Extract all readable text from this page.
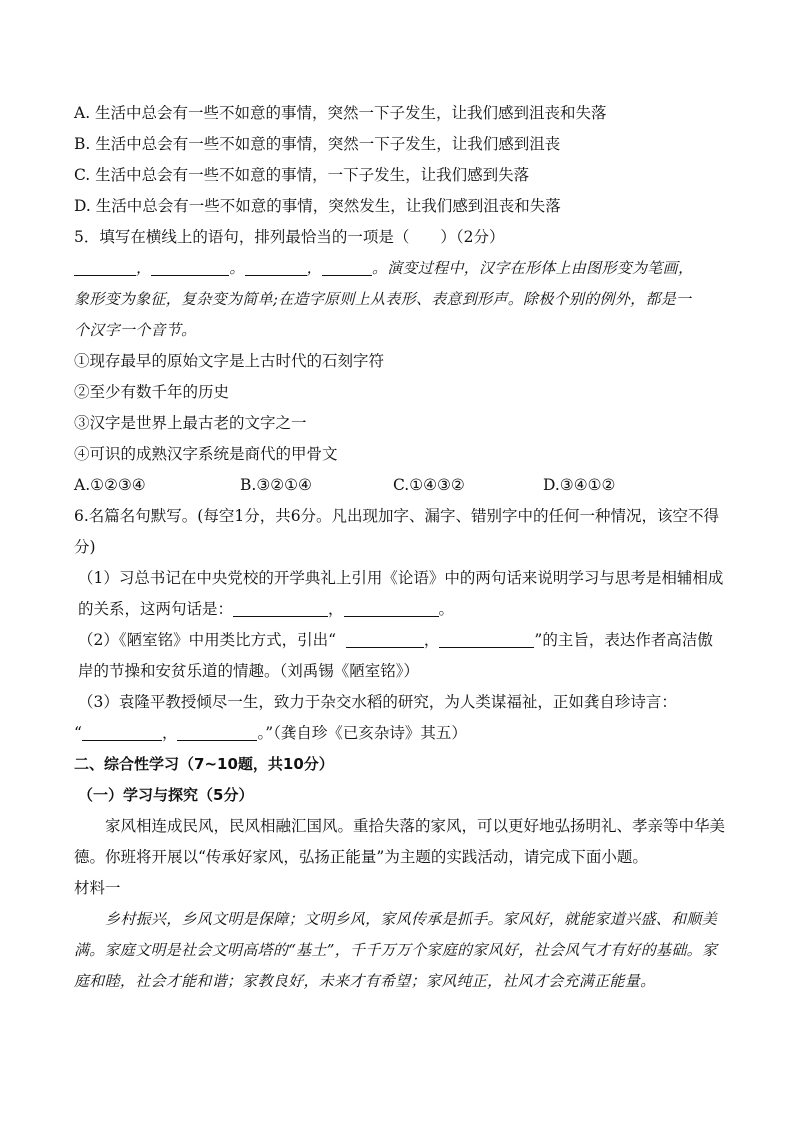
A. 生活中总会有一些不如意的事情，突然一下子发生，让我们感到沮丧和失落
B. 生活中总会有一些不如意的事情，突然一下子发生，让我们感到沮丧
C. 生活中总会有一些不如意的事情，一下子发生，让我们感到失落
D. 生活中总会有一些不如意的事情，突然发生，让我们感到沮丧和失落
5．填写在横线上的语句，排列最恰当的一项是（　　）（2分）
，	。	，	。演变过程中，汉字在形体上由图形变为笔画，
象形变为象征，复杂变为简单;在造字原则上从表形、表意到形声。除极个别的例外，都是一
个汉字一个音节。
①现存最早的原始文字是上古时代的石刻字符
②至少有数千年的历史
③汉字是世界上最古老的文字之一
④可识的成熟汉字系统是商代的甲骨文
A.①②③④	B.③②①④	C.①④③②	D.③④①②
6.名篇名句默写。(每空1分，共6分。凡出现加字、漏字、错别字中的任何一种情况，该空不得分)
（1）习总书记在中央党校的开学典礼上引用《论语》中的两句话来说明学习与思考是相辅相成的关系，这两句话是：	，	。
（2）《陋室铭》中用类比方式，引出“	，	”的主旨，表达作者高洁傲岸的节操和安贫乐道的情趣。（刘禹锡《陋室铭》）
（3）袁隆平教授倾尽一生，致力于杂交水稻的研究，为人类谋福祉，正如龚自珍诗言：
“	，	。”（龚自珍《已亥杂诗》其五）
二、综合性学习（7~10题，共10分）
（一）学习与探究（5分）
家风相连成民风，民风相融汇国风。重拾失落的家风，可以更好地弘扬明礼、孝亲等中华美德。你班将开展以“传承好家风，弘扬正能量”为主题的实践活动，请完成下面小题。
材料一
乡村振兴，乡风文明是保障；文明乡风，家风传承是抓手。家风好，就能家道兴盛、和顺美满。家庭文明是社会文明高塔的“基土”，千千万万个家庭的家风好，社会风气才有好的基础。家庭和睦，社会才能和谐；家教良好，未来才有希望；家风纯正，社风才会充满正能量。
